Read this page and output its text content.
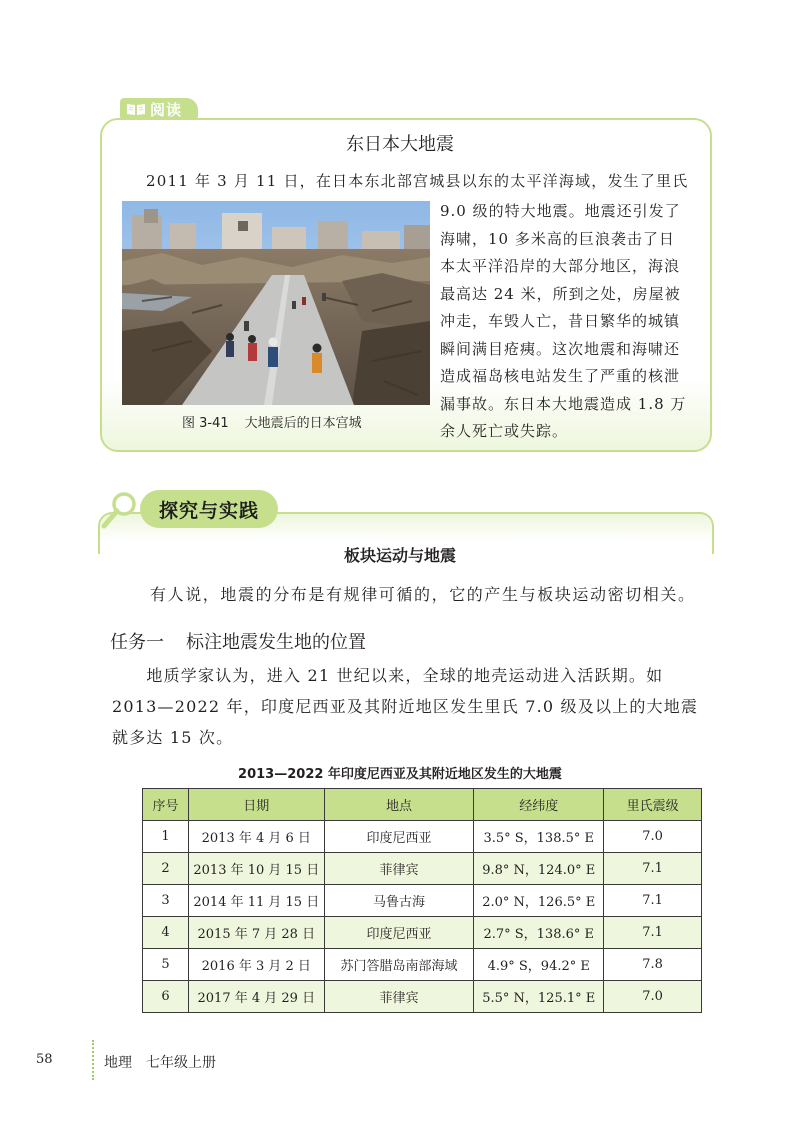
阅读
东日本大地震
2011 年 3 月 11 日，在日本东北部宫城县以东的太平洋海域，发生了里氏
9.0 级的特大地震。地震还引发了
海啸，10 多米高的巨浪袭击了日
本太平洋沿岸的大部分地区，海浪
最高达 24 米，所到之处，房屋被
冲走，车毁人亡，昔日繁华的城镇
瞬间满目疮痍。这次地震和海啸还
造成福岛核电站发生了严重的核泄
漏事故。东日本大地震造成 1.8 万
余人死亡或失踪。
图 3-41 大地震后的日本宫城
探究与实践
板块运动与地震
有人说，地震的分布是有规律可循的，它的产生与板块运动密切相关。
任务一 标注地震发生地的位置
　　地质学家认为，进入 21 世纪以来，全球的地壳运动进入活跃期。如
2013—2022 年，印度尼西亚及其附近地区发生里氏 7.0 级及以上的大地震
就多达 15 次。
2013—2022 年印度尼西亚及其附近地区发生的大地震
序号	日期	地点	经纬度	里氏震级
1	2013 年 4 月 6 日	印度尼西亚	3.5° S，138.5° E	7.0
2	2013 年 10 月 15 日	菲律宾	9.8° N，124.0° E	7.1
3	2014 年 11 月 15 日	马鲁古海	2.0° N，126.5° E	7.1
4	2015 年 7 月 28 日	印度尼西亚	2.7° S，138.6° E	7.1
5	2016 年 3 月 2 日	苏门答腊岛南部海域	4.9° S，94.2° E	7.8
6	2017 年 4 月 29 日	菲律宾	5.5° N，125.1° E	7.0
58	地理 七年级上册
